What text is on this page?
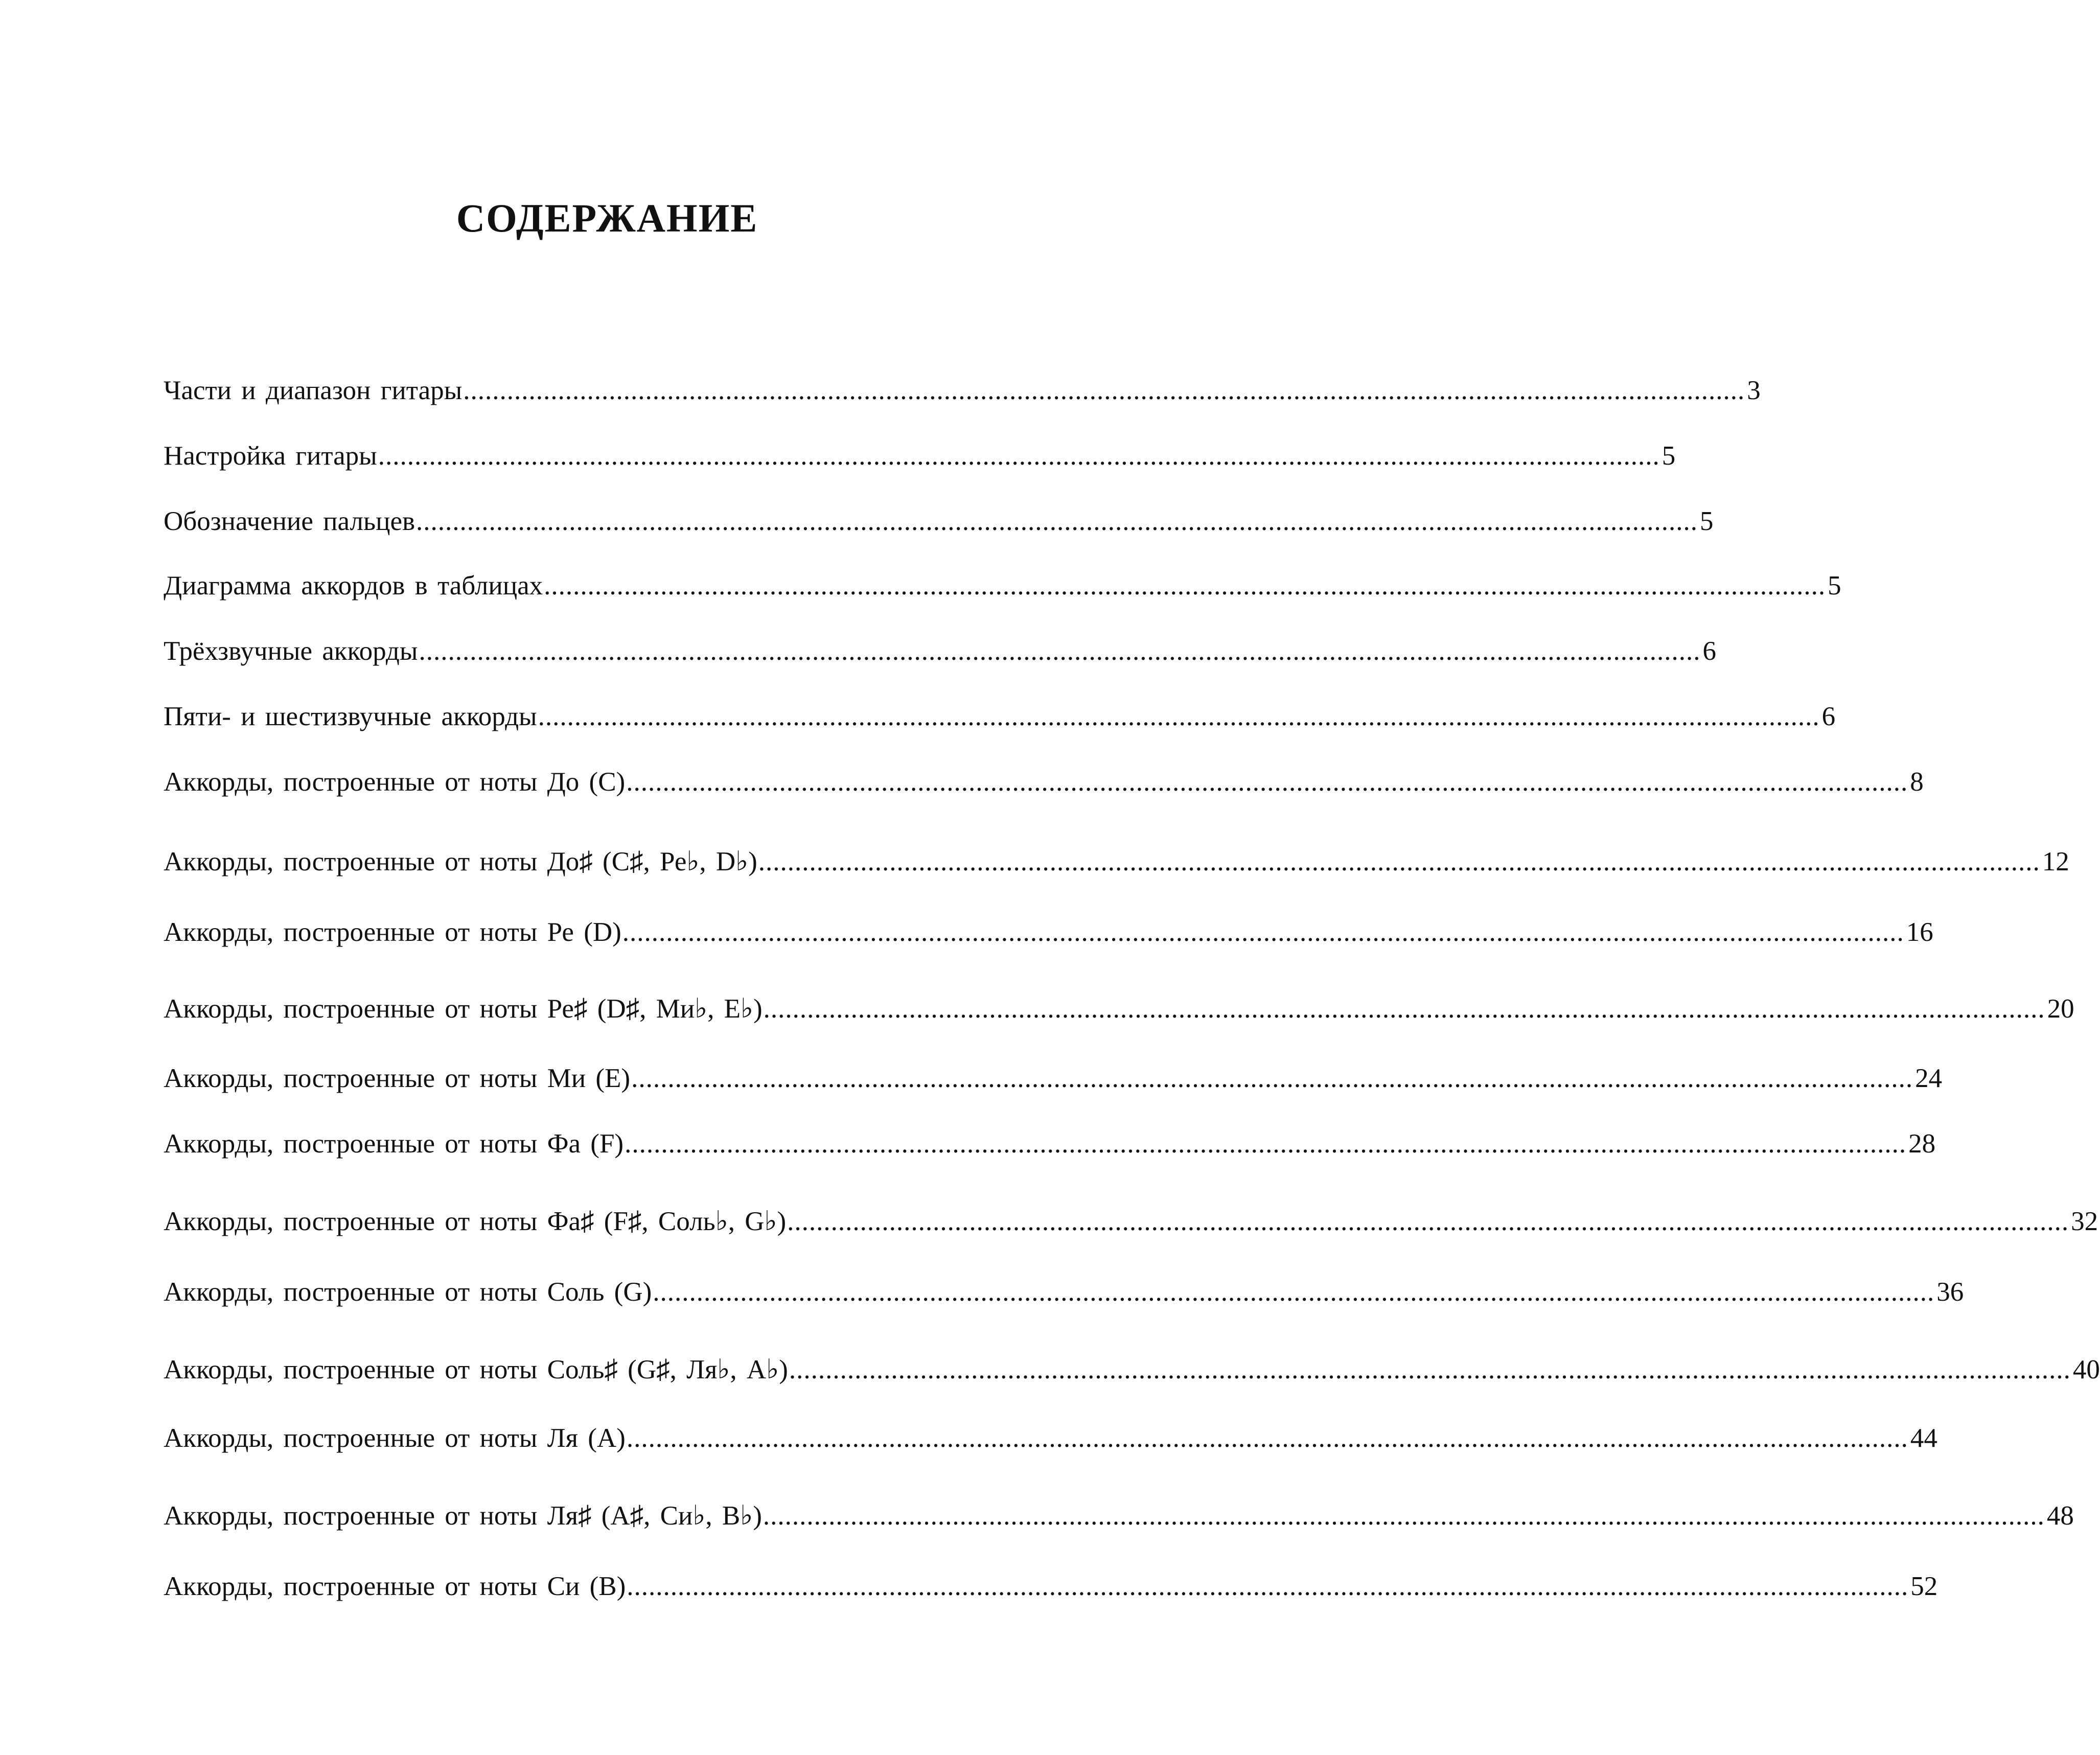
СОДЕРЖАНИЕ
Части и диапазон гитары ................................................................................................................................................................................ 3
Настройка гитары ................................................................................................................................................................................ 5
Обозначение пальцев ................................................................................................................................................................................ 5
Диаграмма аккордов в таблицах ................................................................................................................................................................................ 5
Трёхзвучные аккорды ................................................................................................................................................................................ 6
Пяти- и шестизвучные аккорды ................................................................................................................................................................................ 6
Аккорды, построенные от ноты До (C) ................................................................................................................................................................................ 8
Аккорды, построенные от ноты До♯ (C♯, Ре♭, D♭) ................................................................................................................................................................................ 12
Аккорды, построенные от ноты Ре (D) ................................................................................................................................................................................ 16
Аккорды, построенные от ноты Ре♯ (D♯, Ми♭, E♭) ................................................................................................................................................................................ 20
Аккорды, построенные от ноты Ми (E) ................................................................................................................................................................................ 24
Аккорды, построенные от ноты Фа (F) ................................................................................................................................................................................ 28
Аккорды, построенные от ноты Фа♯ (F♯, Соль♭, G♭) ................................................................................................................................................................................ 32
Аккорды, построенные от ноты Соль (G) ................................................................................................................................................................................ 36
Аккорды, построенные от ноты Соль♯ (G♯, Ля♭, A♭) ................................................................................................................................................................................ 40
Аккорды, построенные от ноты Ля (A) ................................................................................................................................................................................ 44
Аккорды, построенные от ноты Ля♯ (A♯, Си♭, B♭) ................................................................................................................................................................................ 48
Аккорды, построенные от ноты Си (B) ................................................................................................................................................................................ 52
